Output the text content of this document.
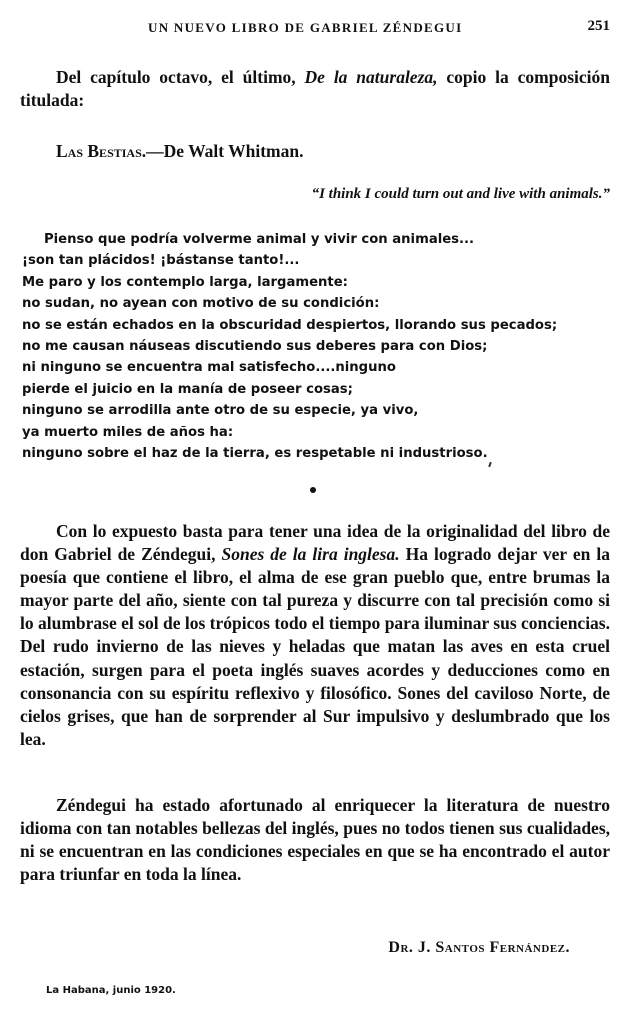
UN NUEVO LIBRO DE GABRIEL ZÉNDEGUI	251
Del capítulo octavo, el último, De la naturaleza, copio la composición titulada:
Las Bestias.—De Walt Whitman.
“I think I could turn out and live with animals.”
Pienso que podría volverme animal y vivir con animales...
¡son tan plácidos! ¡bástanse tanto!...
Me paro y los contemplo larga, largamente:
no sudan, no ayean con motivo de su condición:
no se están echados en la obscuridad despiertos, llorando sus pecados;
no me causan náuseas discutiendo sus deberes para con Dios;
ni ninguno se encuentra mal satisfecho....ninguno
pierde el juicio en la manía de poseer cosas;
ninguno se arrodilla ante otro de su especie, ya vivo,
ya muerto miles de años ha:
ninguno sobre el haz de la tierra, es respetable ni industrioso.
Con lo expuesto basta para tener una idea de la originalidad del libro de don Gabriel de Zéndegui, Sones de la lira inglesa. Ha logrado dejar ver en la poesía que contiene el libro, el alma de ese gran pueblo que, entre brumas la mayor parte del año, siente con tal pureza y discurre con tal precisión como si lo alumbrase el sol de los trópicos todo el tiempo para iluminar sus conciencias. Del rudo invierno de las nieves y heladas que matan las aves en esta cruel estación, surgen para el poeta inglés suaves acordes y deducciones como en consonancia con su espíritu reflexivo y filosófico. Sones del caviloso Norte, de cielos grises, que han de sorprender al Sur impulsivo y deslumbrado que los lea.
Zéndegui ha estado afortunado al enriquecer la literatura de nuestro idioma con tan notables bellezas del inglés, pues no todos tienen sus cualidades, ni se encuentran en las condiciones especiales en que se ha encontrado el autor para triunfar en toda la línea.
Dr. J. Santos Fernández.
La Habana, junio 1920.
